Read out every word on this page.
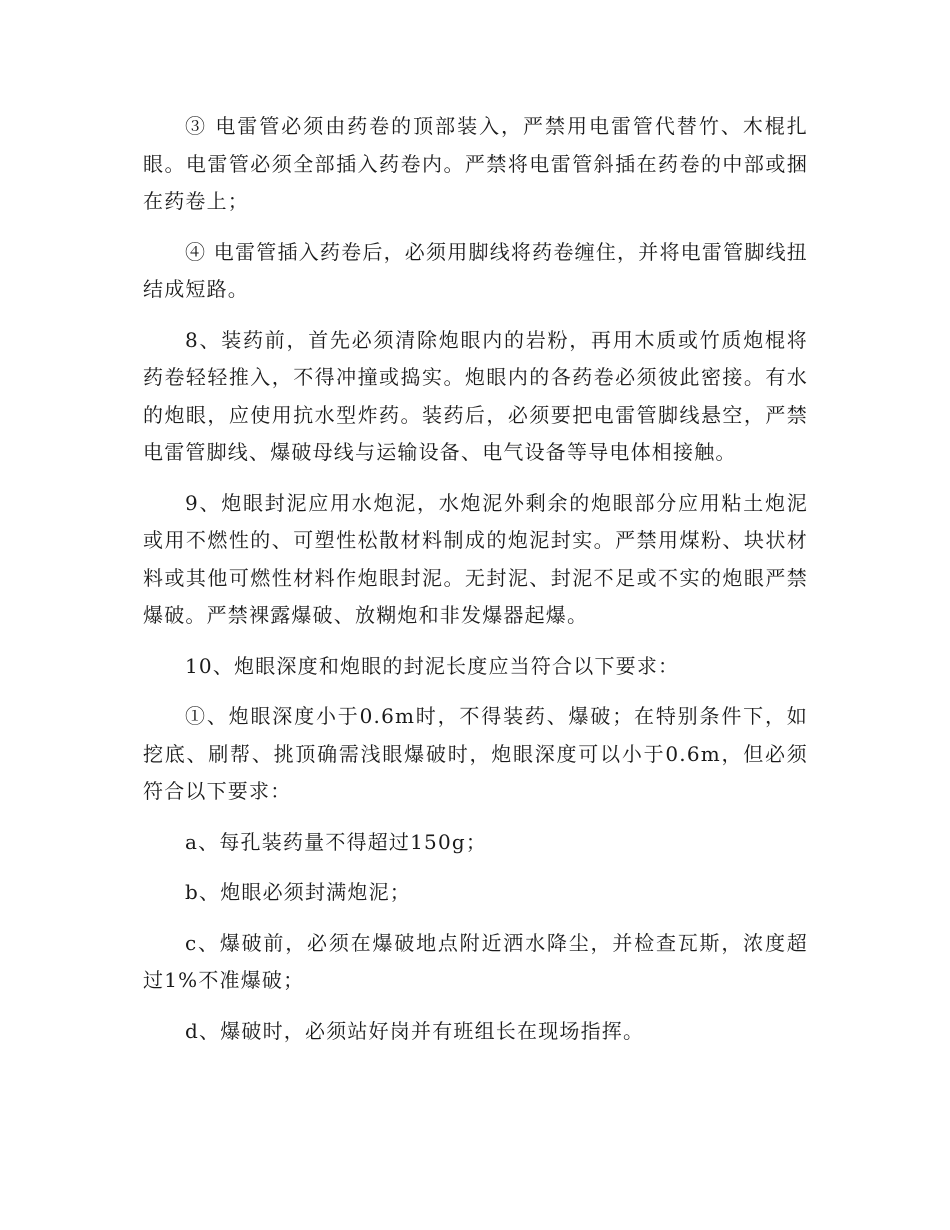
③ 电雷管必须由药卷的顶部装入，严禁用电雷管代替竹、木棍扎眼。电雷管必须全部插入药卷内。严禁将电雷管斜插在药卷的中部或捆在药卷上；

④ 电雷管插入药卷后，必须用脚线将药卷缠住，并将电雷管脚线扭结成短路。

8、装药前，首先必须清除炮眼内的岩粉，再用木质或竹质炮棍将药卷轻轻推入，不得冲撞或捣实。炮眼内的各药卷必须彼此密接。有水的炮眼，应使用抗水型炸药。装药后，必须要把电雷管脚线悬空，严禁电雷管脚线、爆破母线与运输设备、电气设备等导电体相接触。

9、炮眼封泥应用水炮泥，水炮泥外剩余的炮眼部分应用粘土炮泥或用不燃性的、可塑性松散材料制成的炮泥封实。严禁用煤粉、块状材料或其他可燃性材料作炮眼封泥。无封泥、封泥不足或不实的炮眼严禁爆破。严禁裸露爆破、放糊炮和非发爆器起爆。

10、炮眼深度和炮眼的封泥长度应当符合以下要求：

①、炮眼深度小于0.6m时，不得装药、爆破；在特别条件下，如挖底、刷帮、挑顶确需浅眼爆破时，炮眼深度可以小于0.6m，但必须符合以下要求：

a、每孔装药量不得超过150g；

b、炮眼必须封满炮泥；

c、爆破前，必须在爆破地点附近洒水降尘，并检查瓦斯，浓度超过1%不准爆破；

d、爆破时，必须站好岗并有班组长在现场指挥。
